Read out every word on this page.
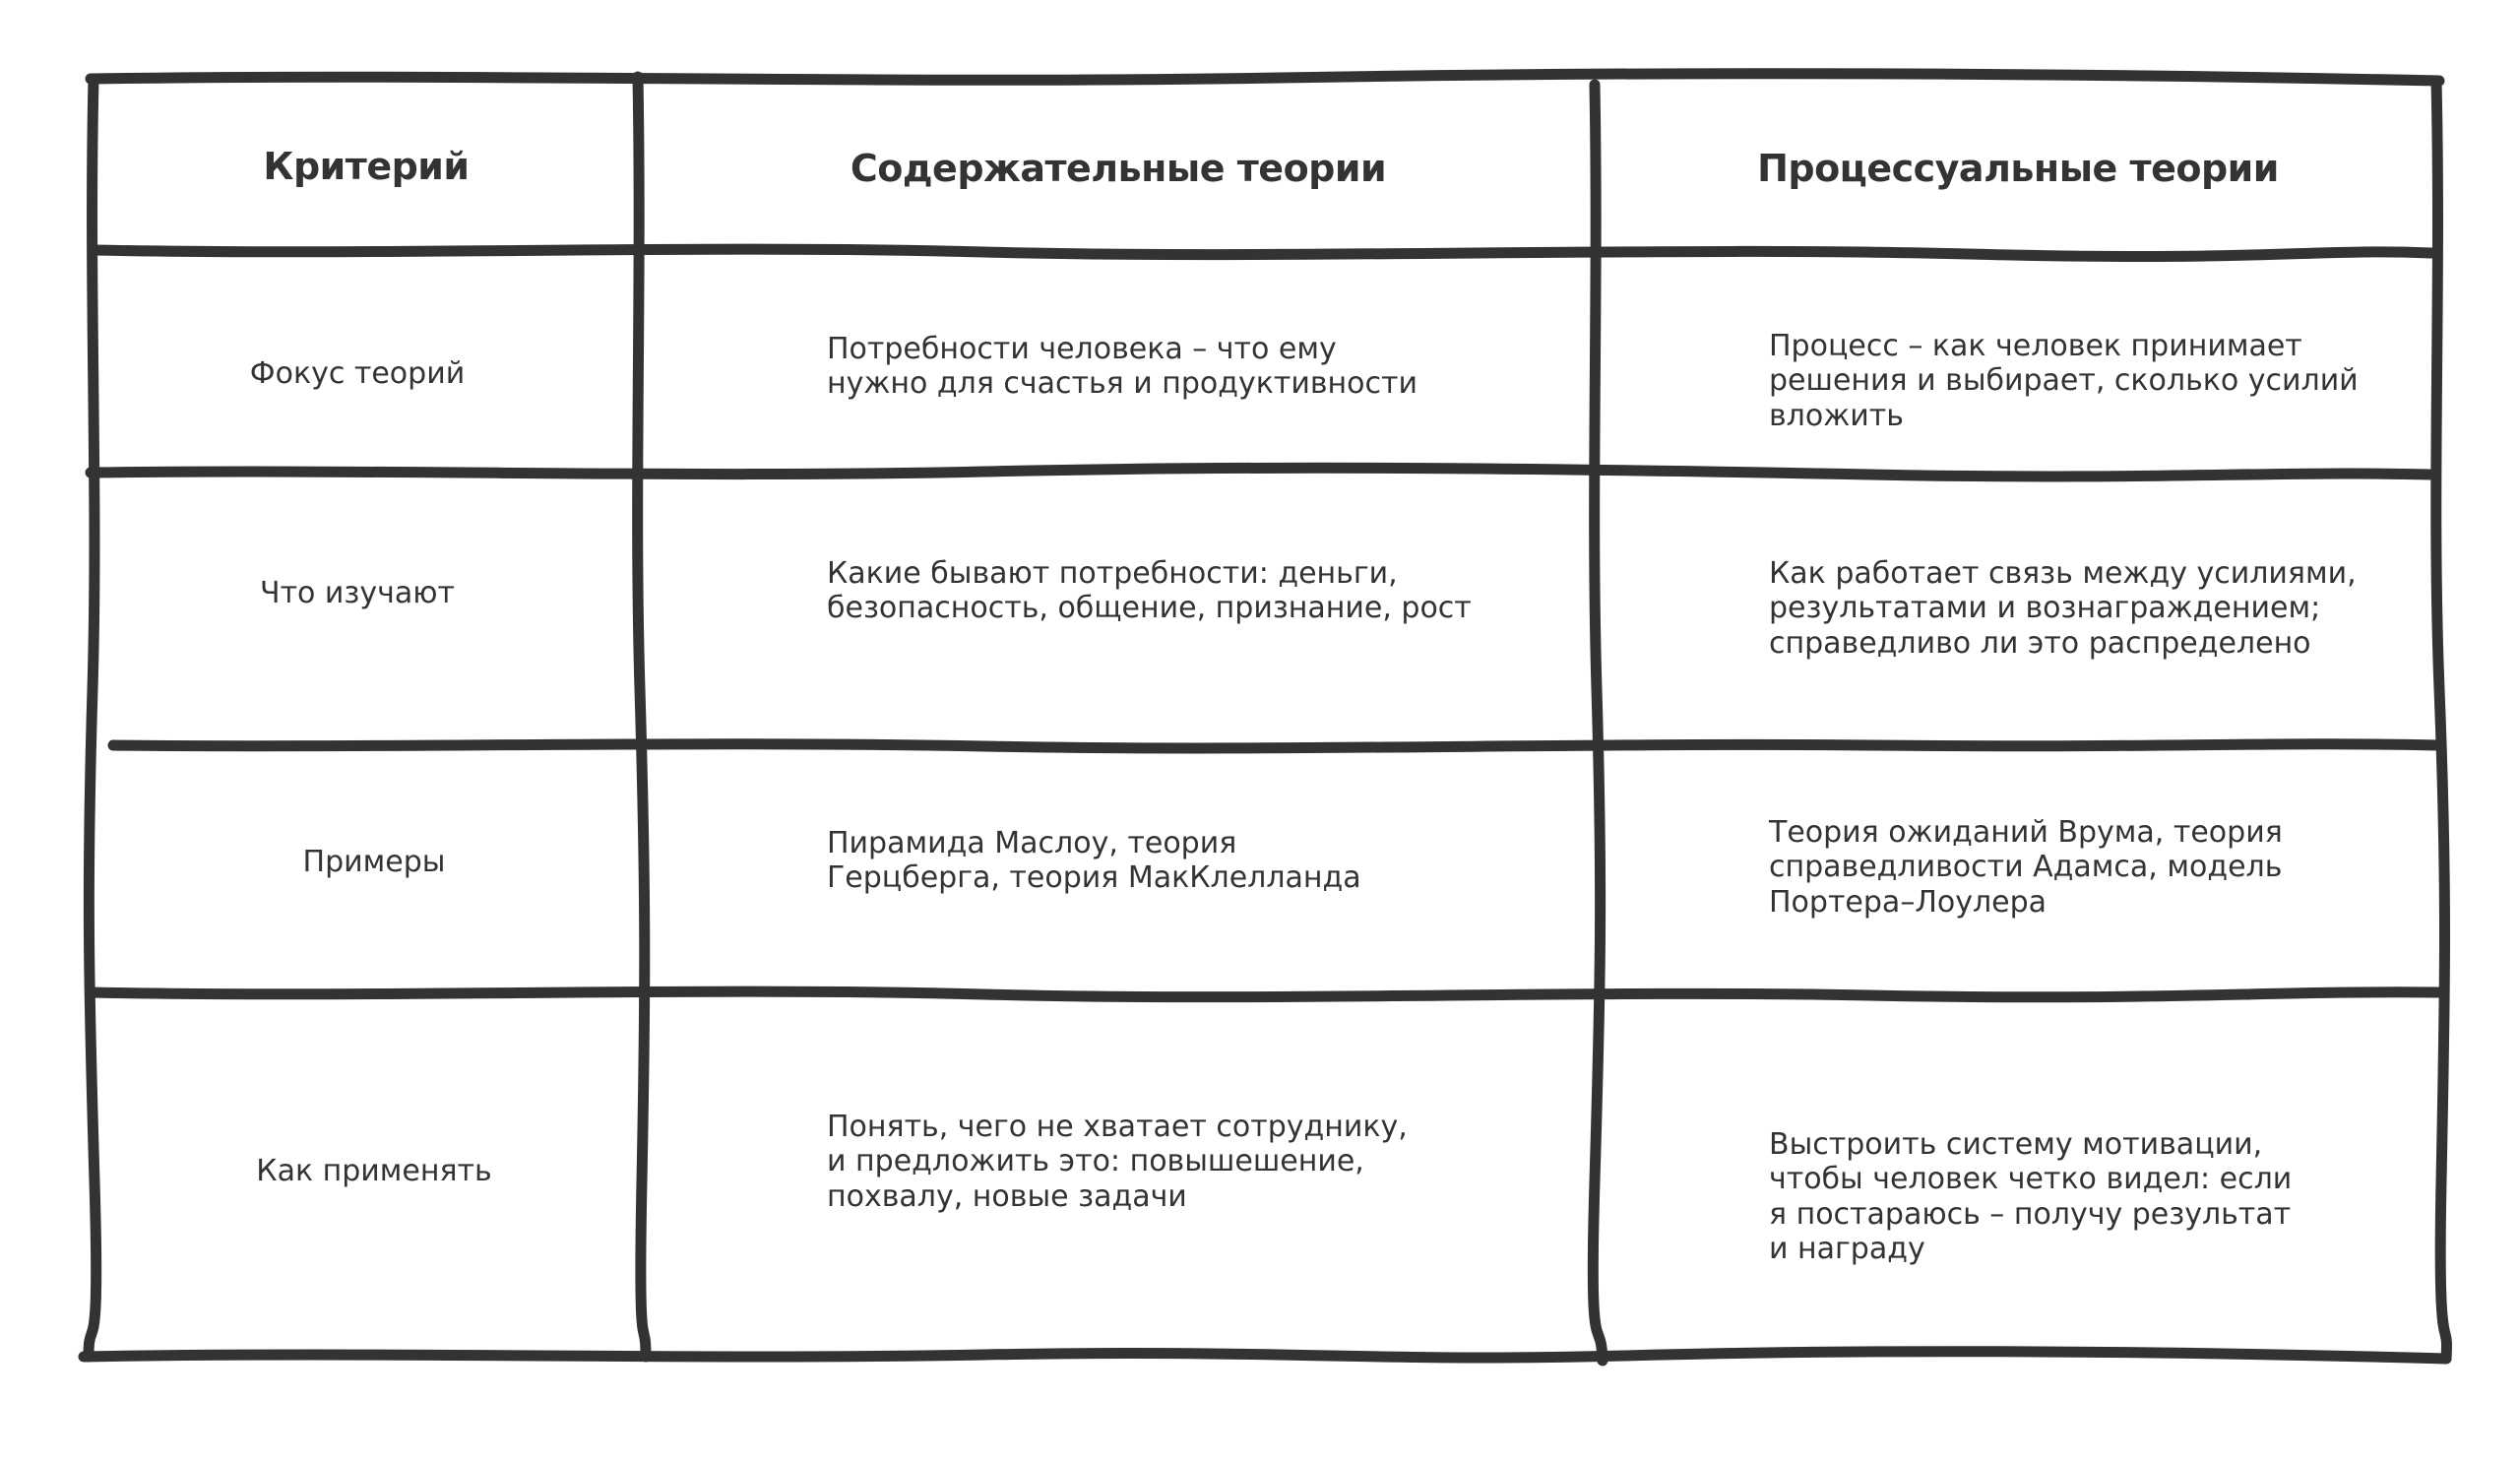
Критерий	Содержательные теории	Процессуальные теории
Фокус теорий
Потребности человека – что ему
нужно для счастья и продуктивности
Процесс – как человек принимает
решения и выбирает, сколько усилий
вложить
Что изучают
Какие бывают потребности: деньги,
безопасность, общение, признание, рост
Как работает связь между усилиями,
результатами и вознаграждением;
справедливо ли это распределено
Примеры
Пирамида Маслоу, теория
Герцберга, теория МакКлелланда
Теория ожиданий Врума, теория
справедливости Адамса, модель
Портера–Лоулера
Как применять
Понять, чего не хватает сотруднику,
и предложить это: повышешение,
похвалу, новые задачи
Выстроить систему мотивации,
чтобы человек четко видел: если
я постараюсь – получу результат
и награду
